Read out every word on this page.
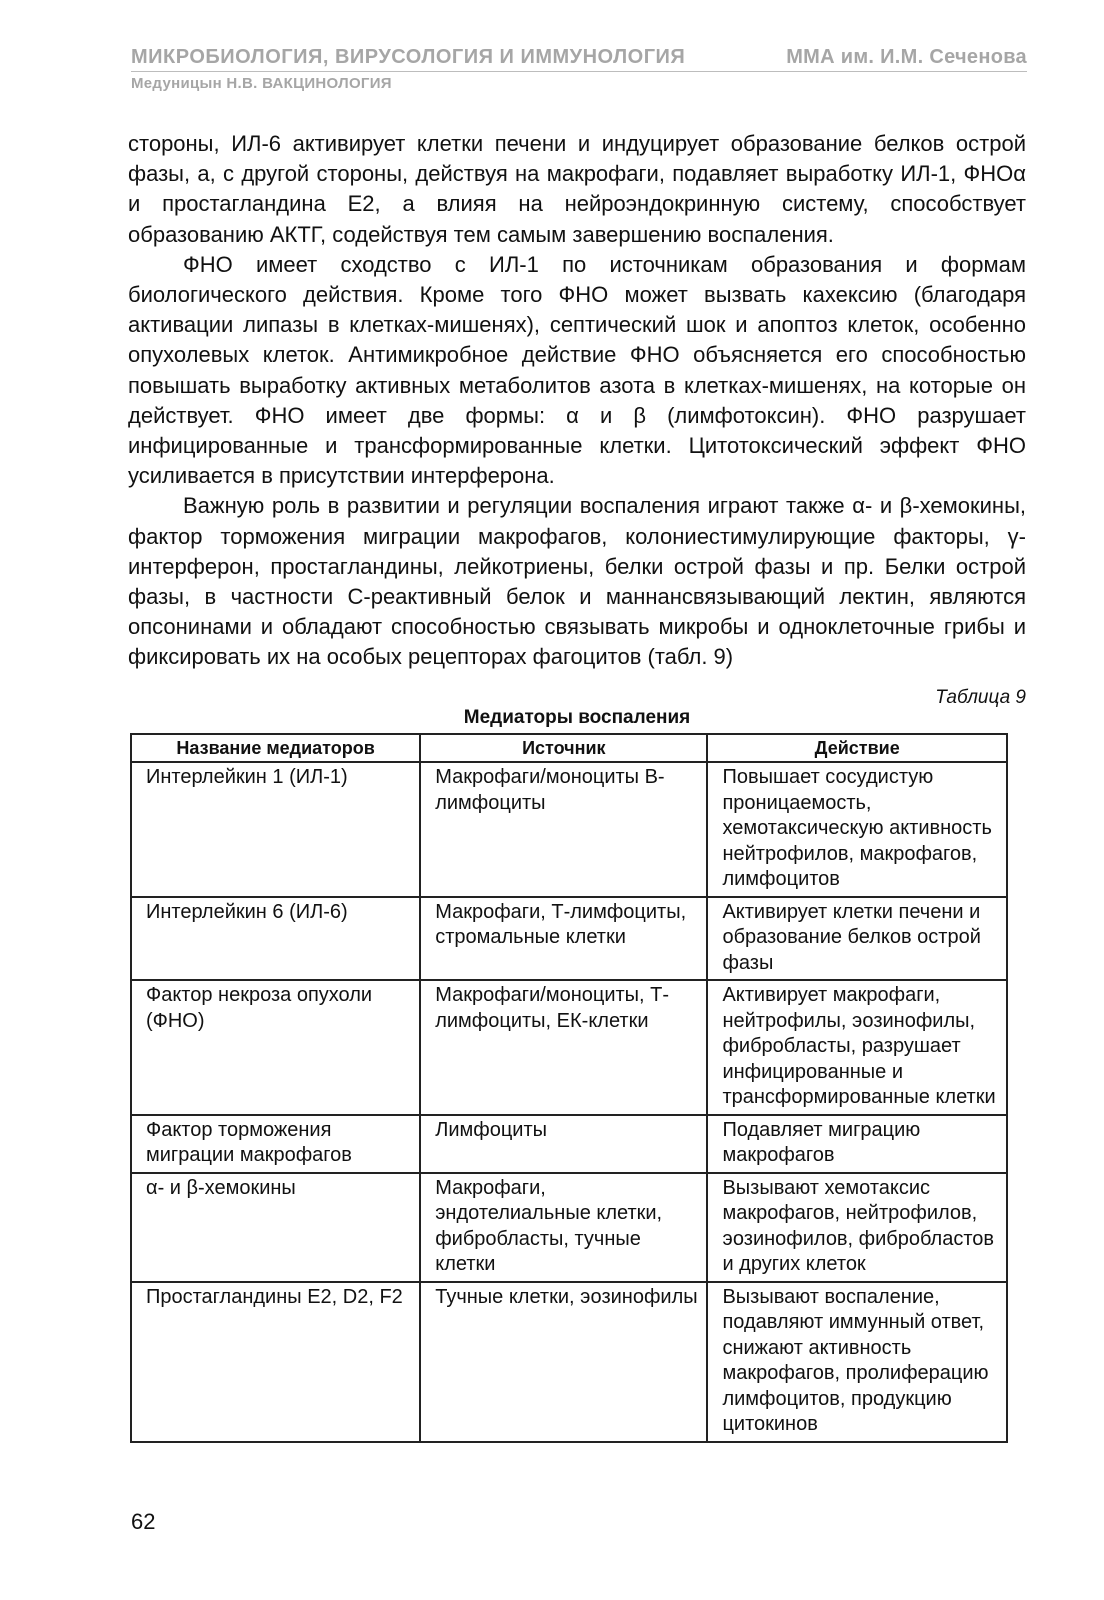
МИКРОБИОЛОГИЯ, ВИРУСОЛОГИЯ И ИММУНОЛОГИЯ	ММА им. И.М. Сеченова
Медуницын Н.В. ВАКЦИНОЛОГИЯ

стороны, ИЛ-6 активирует клетки печени и индуцирует образование белков острой фазы, а, с другой стороны, действуя на макрофаги, подавляет выработку ИЛ-1, ФНОα и простагландина Е2, а влияя на нейроэндокринную систему, способствует образованию АКТГ, содействуя тем самым завершению воспаления.

ФНО имеет сходство с ИЛ-1 по источникам образования и формам биологического действия. Кроме того ФНО может вызвать кахексию (благодаря активации липазы в клетках-мишенях), септический шок и апоптоз клеток, особенно опухолевых клеток. Антимикробное действие ФНО объясняется его способностью повышать выработку активных метаболитов азота в клетках-мишенях, на которые он действует. ФНО имеет две формы: α и β (лимфотоксин). ФНО разрушает инфицированные и трансформированные клетки. Цитотоксический эффект ФНО усиливается в присутствии интерферона.

Важную роль в развитии и регуляции воспаления играют также α- и β-хемокины, фактор торможения миграции макрофагов, колониестимулирующие факторы, γ-интерферон, простагландины, лейкотриены, белки острой фазы и пр. Белки острой фазы, в частности С-реактивный белок и маннансвязывающий лектин, являются опсонинами и обладают способностью связывать микробы и одноклеточные грибы и фиксировать их на особых рецепторах фагоцитов (табл. 9)

Таблица 9
Медиаторы воспаления
Название медиаторов	Источник	Действие
Интерлейкин 1 (ИЛ-1)	Макрофаги/моноциты В-лимфоциты	Повышает сосудистую проницаемость, хемотаксическую активность нейтрофилов, макрофагов, лимфоцитов
Интерлейкин 6 (ИЛ-6)	Макрофаги, Т-лимфоциты, стромальные клетки	Активирует клетки печени и образование белков острой фазы
Фактор некроза опухоли (ФНО)	Макрофаги/моноциты, Т-лимфоциты, ЕК-клетки	Активирует макрофаги, нейтрофилы, эозинофилы, фибробласты, разрушает инфицированные и трансформированные клетки
Фактор торможения миграции макрофагов	Лимфоциты	Подавляет миграцию макрофагов
α- и β-хемокины	Макрофаги, эндотелиальные клетки, фибробласты, тучные клетки	Вызывают хемотаксис макрофагов, нейтрофилов, эозинофилов, фибробластов и других клеток
Простагландины Е2, D2, F2	Тучные клетки, эозинофилы	Вызывают воспаление, подавляют иммунный ответ, снижают активность макрофагов, пролиферацию лимфоцитов, продукцию цитокинов
62
